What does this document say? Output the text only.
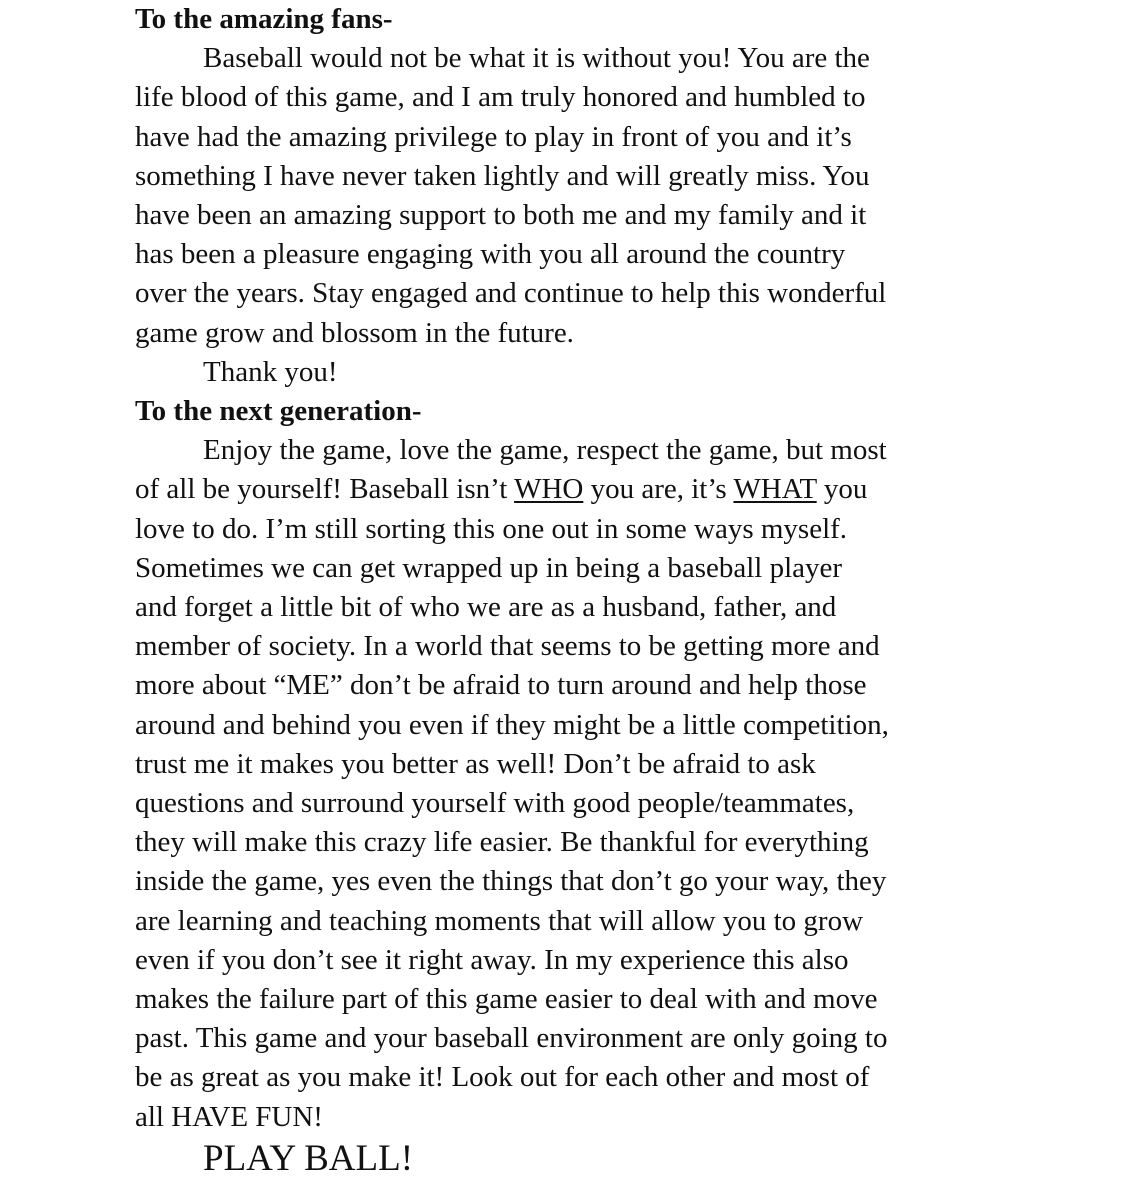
To the amazing fans-

Baseball would not be what it is without you! You are the

life blood of this game, and I am truly honored and humbled to

have had the amazing privilege to play in front of you and it’s

something I have never taken lightly and will greatly miss. You

have been an amazing support to both me and my family and it

has been a pleasure engaging with you all around the country

over the years. Stay engaged and continue to help this wonderful

game grow and blossom in the future.

Thank you!

To the next generation-

Enjoy the game, love the game, respect the game, but most

of all be yourself! Baseball isn’t WHO you are, it’s WHAT you

love to do. I’m still sorting this one out in some ways myself.

Sometimes we can get wrapped up in being a baseball player

and forget a little bit of who we are as a husband, father, and

member of society. In a world that seems to be getting more and

more about “ME” don’t be afraid to turn around and help those

around and behind you even if they might be a little competition,

trust me it makes you better as well! Don’t be afraid to ask

questions and surround yourself with good people/teammates,

they will make this crazy life easier. Be thankful for everything

inside the game, yes even the things that don’t go your way, they

are learning and teaching moments that will allow you to grow

even if you don’t see it right away. In my experience this also

makes the failure part of this game easier to deal with and move

past. This game and your baseball environment are only going to

be as great as you make it! Look out for each other and most of

all HAVE FUN!

PLAY BALL!
